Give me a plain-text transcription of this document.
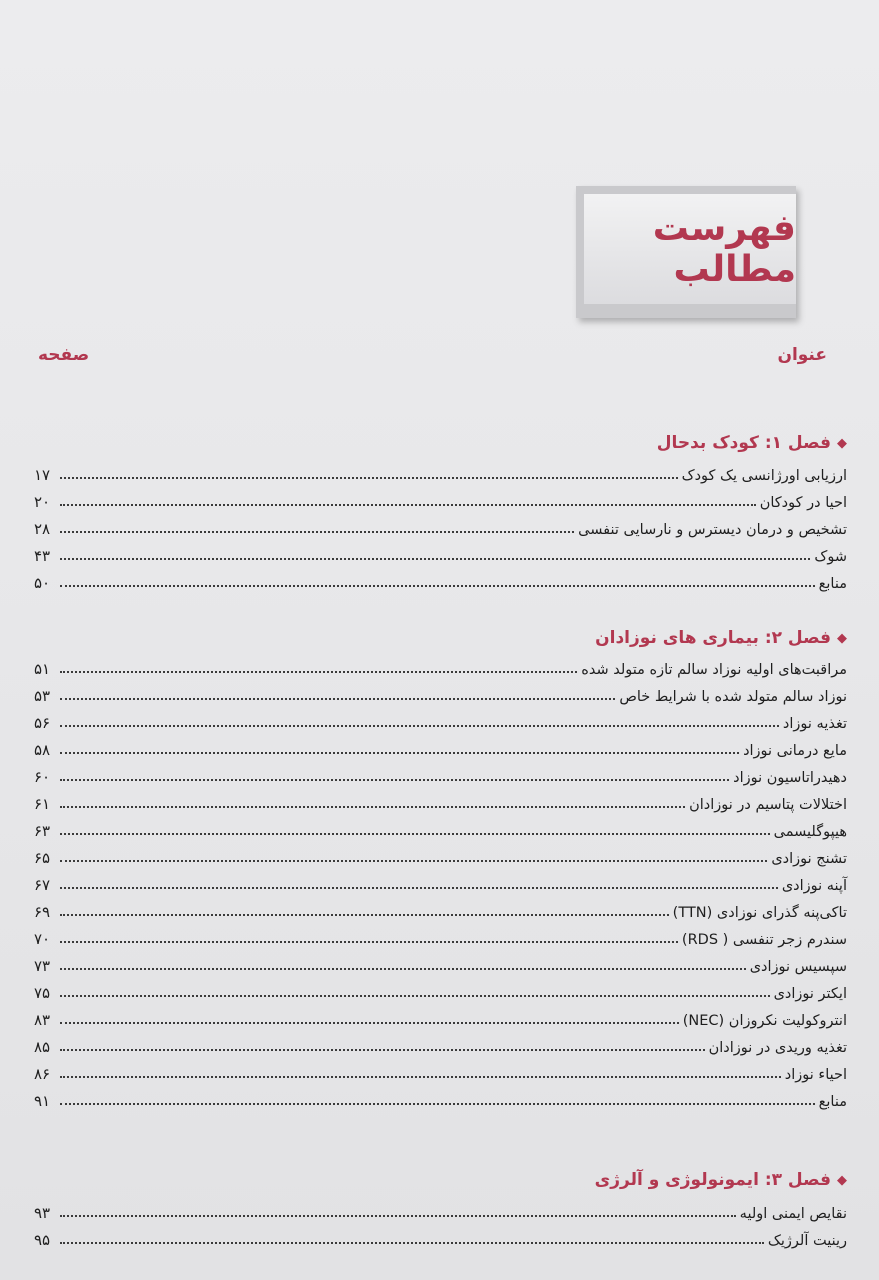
فهرست مطالب
عنوان
صفحه
◆
فصل ۱: کودک بدحال
ارزیابی اورژانسی یک کودک
۱۷
احیا در کودکان
۲۰
تشخیص و درمان دیسترس و نارسایی تنفسی
۲۸
شوک
۴۳
منابع
۵۰
◆
فصل ۲: بیماری های نوزادان
مراقبت‌های اولیه نوزاد سالم تازه متولد شده
۵۱
نوزاد سالم متولد شده با شرایط خاص
۵۳
تغذیه نوزاد
۵۶
مایع درمانی نوزاد
۵۸
دهیدراتاسیون نوزاد
۶۰
اختلالات پتاسیم در نوزادان
۶۱
هیپوگلیسمی
۶۳
تشنج نوزادی
۶۵
آپنه نوزادی
۶۷
تاکی‌پنه گذرای نوزادی (TTN)
۶۹
سندرم زجر تنفسی ( RDS)
۷۰
سپسیس نوزادی
۷۳
ایکتر نوزادی
۷۵
انتروکولیت نکروزان (NEC)
۸۳
تغذیه وریدی در نوزادان
۸۵
احیاء نوزاد
۸۶
منابع
۹۱
◆
فصل ۳: ایمونولوژی و آلرژی
نقایص ایمنی اولیه
۹۳
رینیت آلرژیک
۹۵
